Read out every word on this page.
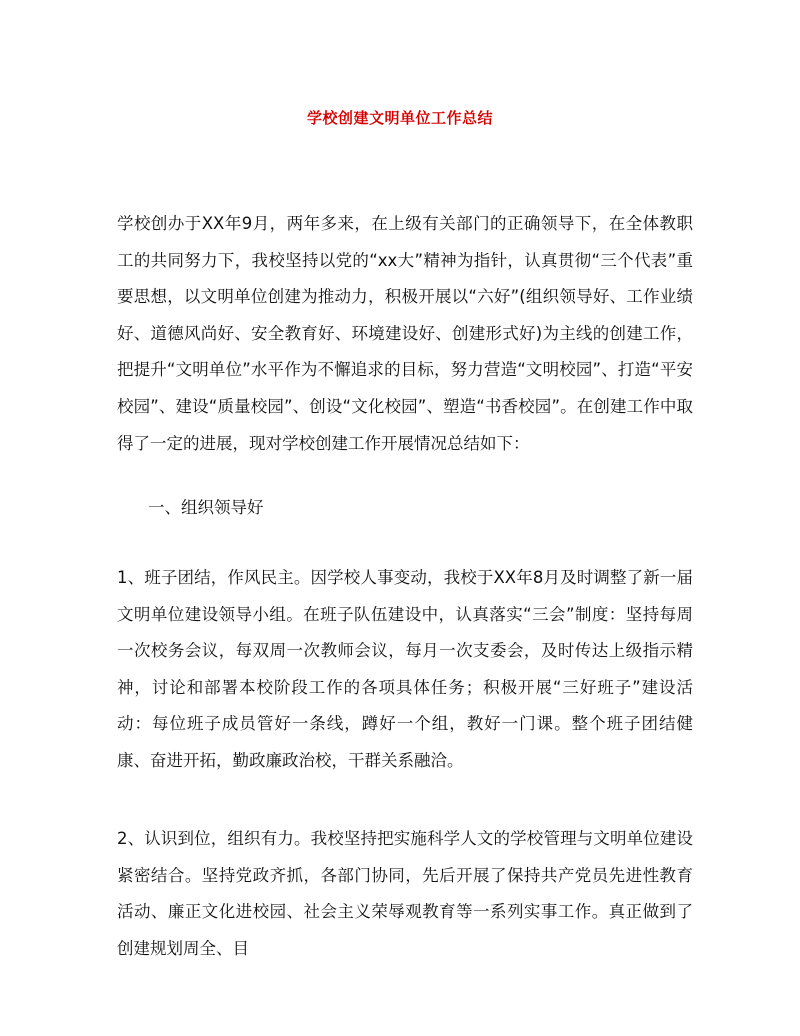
学校创建文明单位工作总结

学校创办于XX年9月，两年多来，在上级有关部门的正确领导下，在全体教职工的共同努力下，我校坚持以党的“xx大”精神为指针，认真贯彻“三个代表”重要思想，以文明单位创建为推动力，积极开展以“六好”(组织领导好、工作业绩好、道德风尚好、安全教育好、环境建设好、创建形式好)为主线的创建工作，把提升“文明单位”水平作为不懈追求的目标，努力营造“文明校园”、打造“平安校园”、建设“质量校园”、创设“文化校园”、塑造“书香校园”。在创建工作中取得了一定的进展，现对学校创建工作开展情况总结如下：

一、组织领导好

1、班子团结，作风民主。因学校人事变动，我校于XX年8月及时调整了新一届文明单位建设领导小组。在班子队伍建设中，认真落实“三会”制度：坚持每周一次校务会议，每双周一次教师会议，每月一次支委会，及时传达上级指示精神，讨论和部署本校阶段工作的各项具体任务；积极开展“三好班子”建设活动：每位班子成员管好一条线，蹲好一个组，教好一门课。整个班子团结健康、奋进开拓，勤政廉政治校，干群关系融洽。

2、认识到位，组织有力。我校坚持把实施科学人文的学校管理与文明单位建设紧密结合。坚持党政齐抓，各部门协同，先后开展了保持共产党员先进性教育活动、廉正文化进校园、社会主义荣辱观教育等一系列实事工作。真正做到了创建规划周全、目
